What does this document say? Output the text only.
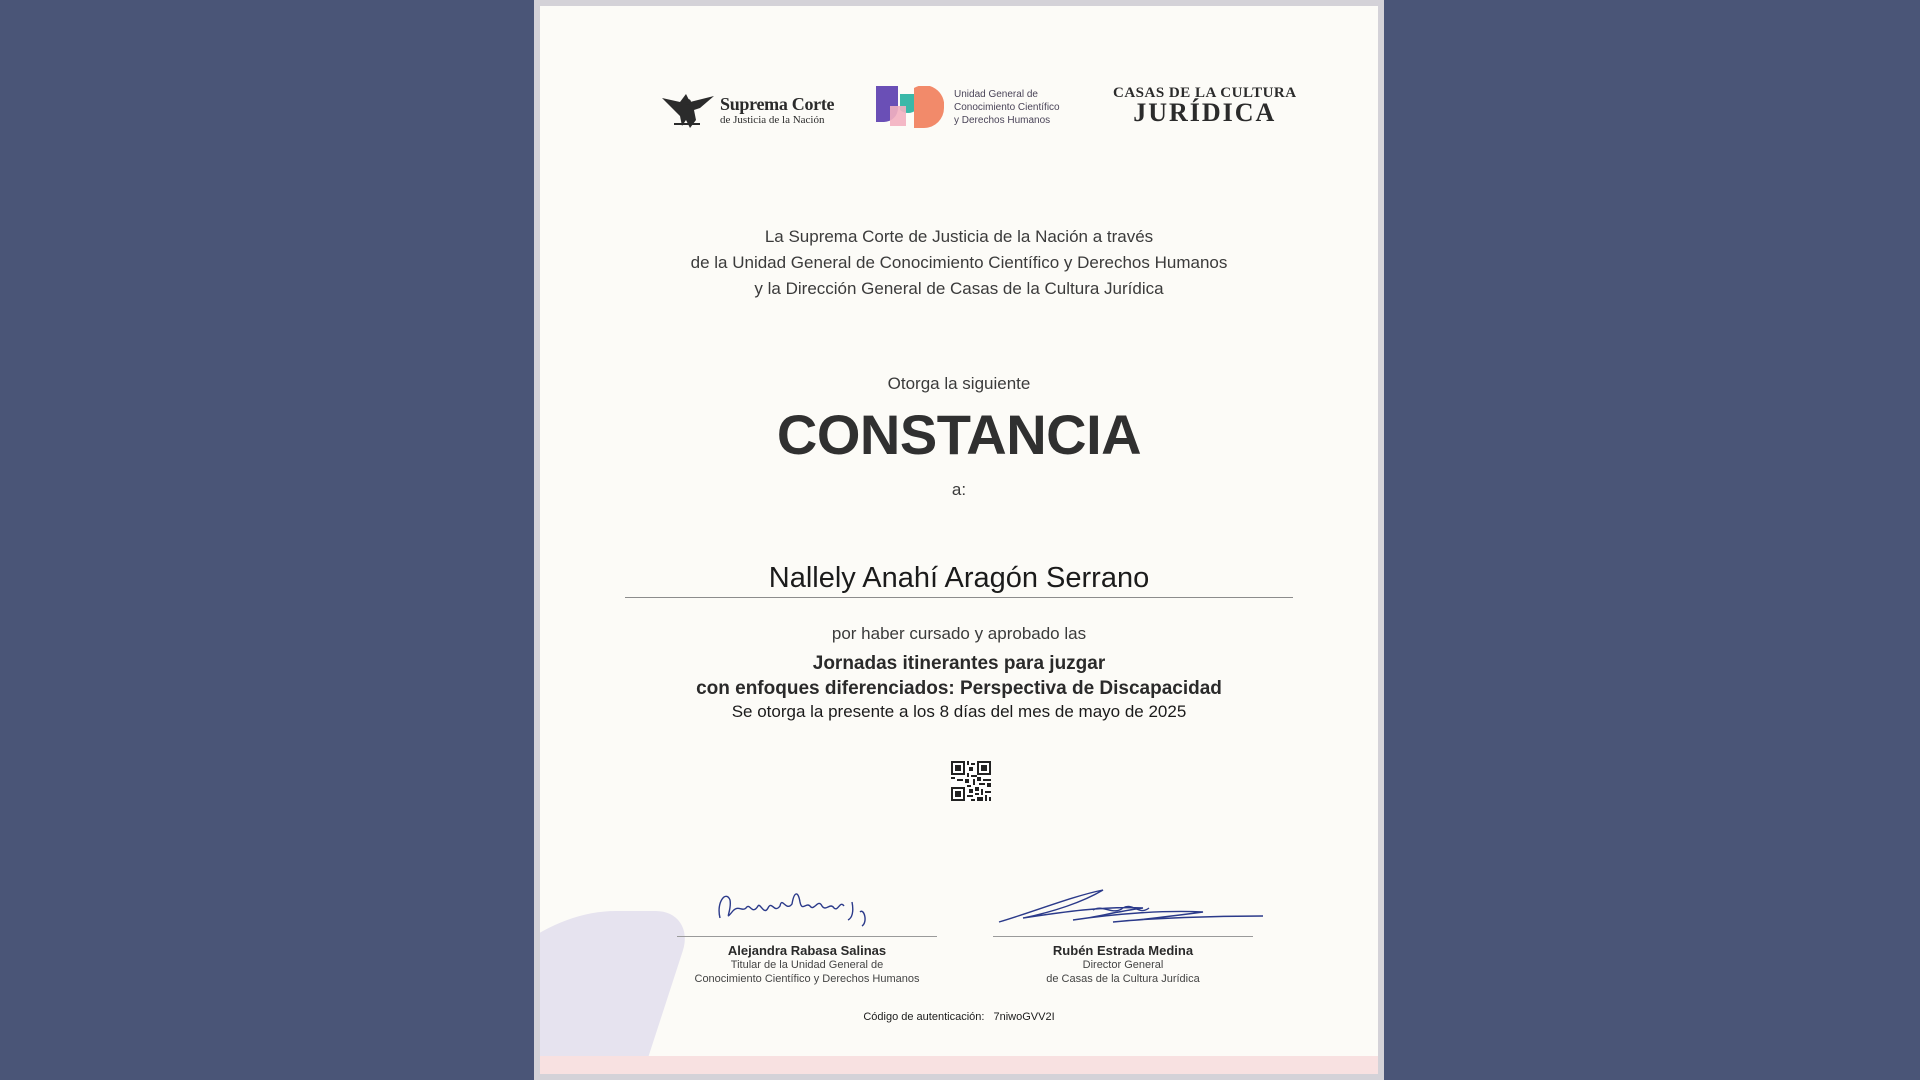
Suprema Corte
de Justicia de la Nación
Unidad General de
Conocimiento Científico
y Derechos Humanos
CASAS DE LA CULTURA
JURÍDICA
La Suprema Corte de Justicia de la Nación a través
de la Unidad General de Conocimiento Científico y Derechos Humanos
y la Dirección General de Casas de la Cultura Jurídica
Otorga la siguiente
CONSTANCIA
a:
Nallely Anahí Aragón Serrano
por haber cursado y aprobado las
Jornadas itinerantes para juzgar
con enfoques diferenciados: Perspectiva de Discapacidad
Se otorga la presente a los 8 días del mes de mayo de 2025
Alejandra Rabasa Salinas
Titular de la Unidad General de
Conocimiento Científico y Derechos Humanos
Rubén Estrada Medina
Director General
de Casas de la Cultura Jurídica
Código de autenticación: 7niwoGVV2I
